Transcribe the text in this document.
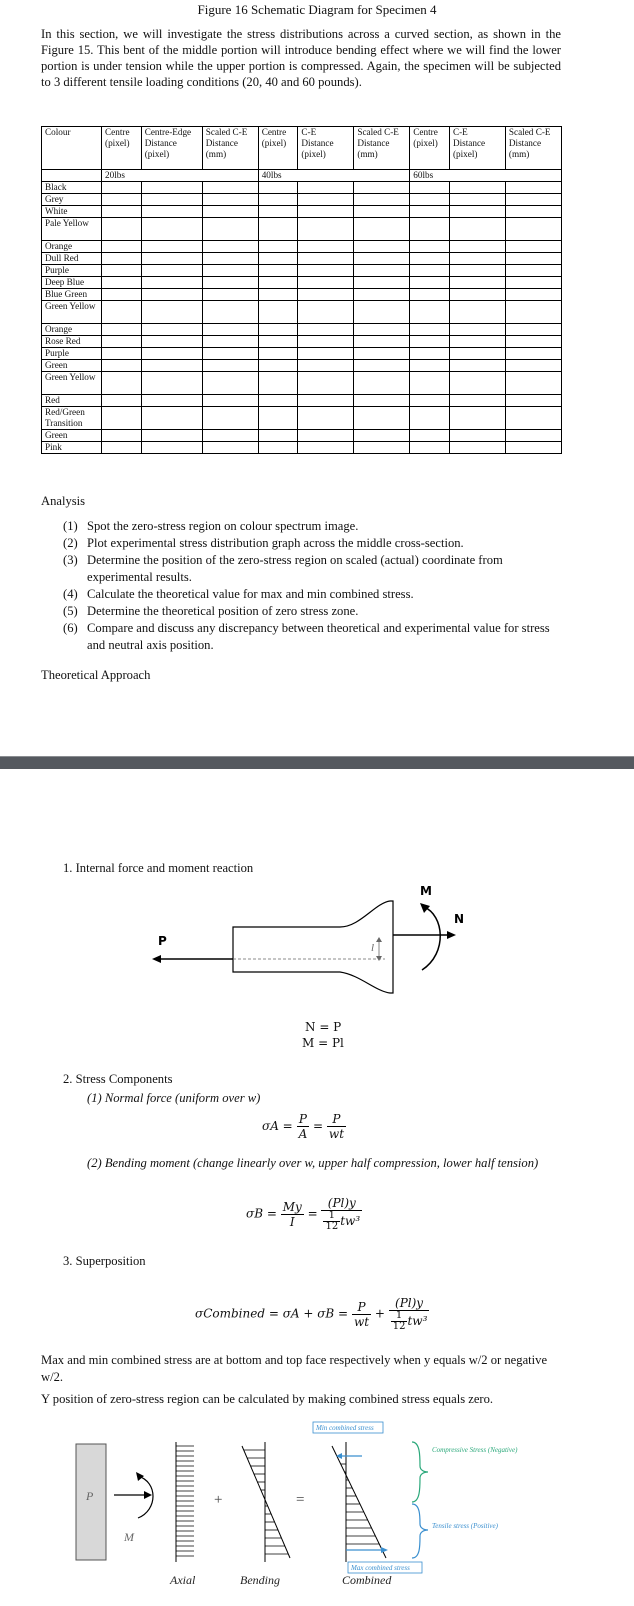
Figure 16 Schematic Diagram for Specimen 4
In this section, we will investigate the stress distributions across a curved section, as shown in the Figure 15. This bent of the middle portion will introduce bending effect where we will find the lower portion is under tension while the upper portion is compressed. Again, the specimen will be subjected to 3 different tensile loading conditions (20, 40 and 60 pounds).
Colour	Centre (pixel)	Centre-Edge Distance (pixel)	Scaled C-E Distance (mm)	Centre (pixel)	C-E Distance (pixel)	Scaled C-E Distance (mm)	Centre (pixel)	C-E Distance (pixel)	Scaled C-E Distance (mm)
	20lbs			40lbs			60lbs		
Black									
Grey									
White									
Pale Yellow									
Orange									
Dull Red									
Purple									
Deep Blue									
Blue Green									
Green Yellow									
Orange									
Rose Red									
Purple									
Green									
Green Yellow									
Red									
Red/Green Transition									
Green									
Pink									
Analysis
(1) Spot the zero-stress region on colour spectrum image.
(2) Plot experimental stress distribution graph across the middle cross-section.
(3) Determine the position of the zero-stress region on scaled (actual) coordinate from experimental results.
(4) Calculate the theoretical value for max and min combined stress.
(5) Determine the theoretical position of zero stress zone.
(6) Compare and discuss any discrepancy between theoretical and experimental value for stress and neutral axis position.
Theoretical Approach
1. Internal force and moment reaction
P	l
N
M
N = P
M = Pl
2. Stress Components
(1) Normal force (uniform over w)
$\sigma A = \frac{P}{A} = \frac{P}{wt}$
(2) Bending moment (change linearly over w, upper half compression, lower half tension)
$\sigma B = \frac{My}{I} = \frac{(Pl)y}{\frac{1}{12} tw^3}$
3. Superposition
σCombined = $\sigma A + \sigma B = \frac{P}{wt} + \frac{(Pl)y}{\frac{1}{12} tw^3}$
Max and min combined stress are at bottom and top face respectively when y equals w/2 or negative w/2.
Y position of zero-stress region can be calculated by making combined stress equals zero.
P
M
+	=
Min combined stress
Max combined stress
Compressive Stress (Negative)
Tensile stress (Positive)
Axial	Bending	Combined
